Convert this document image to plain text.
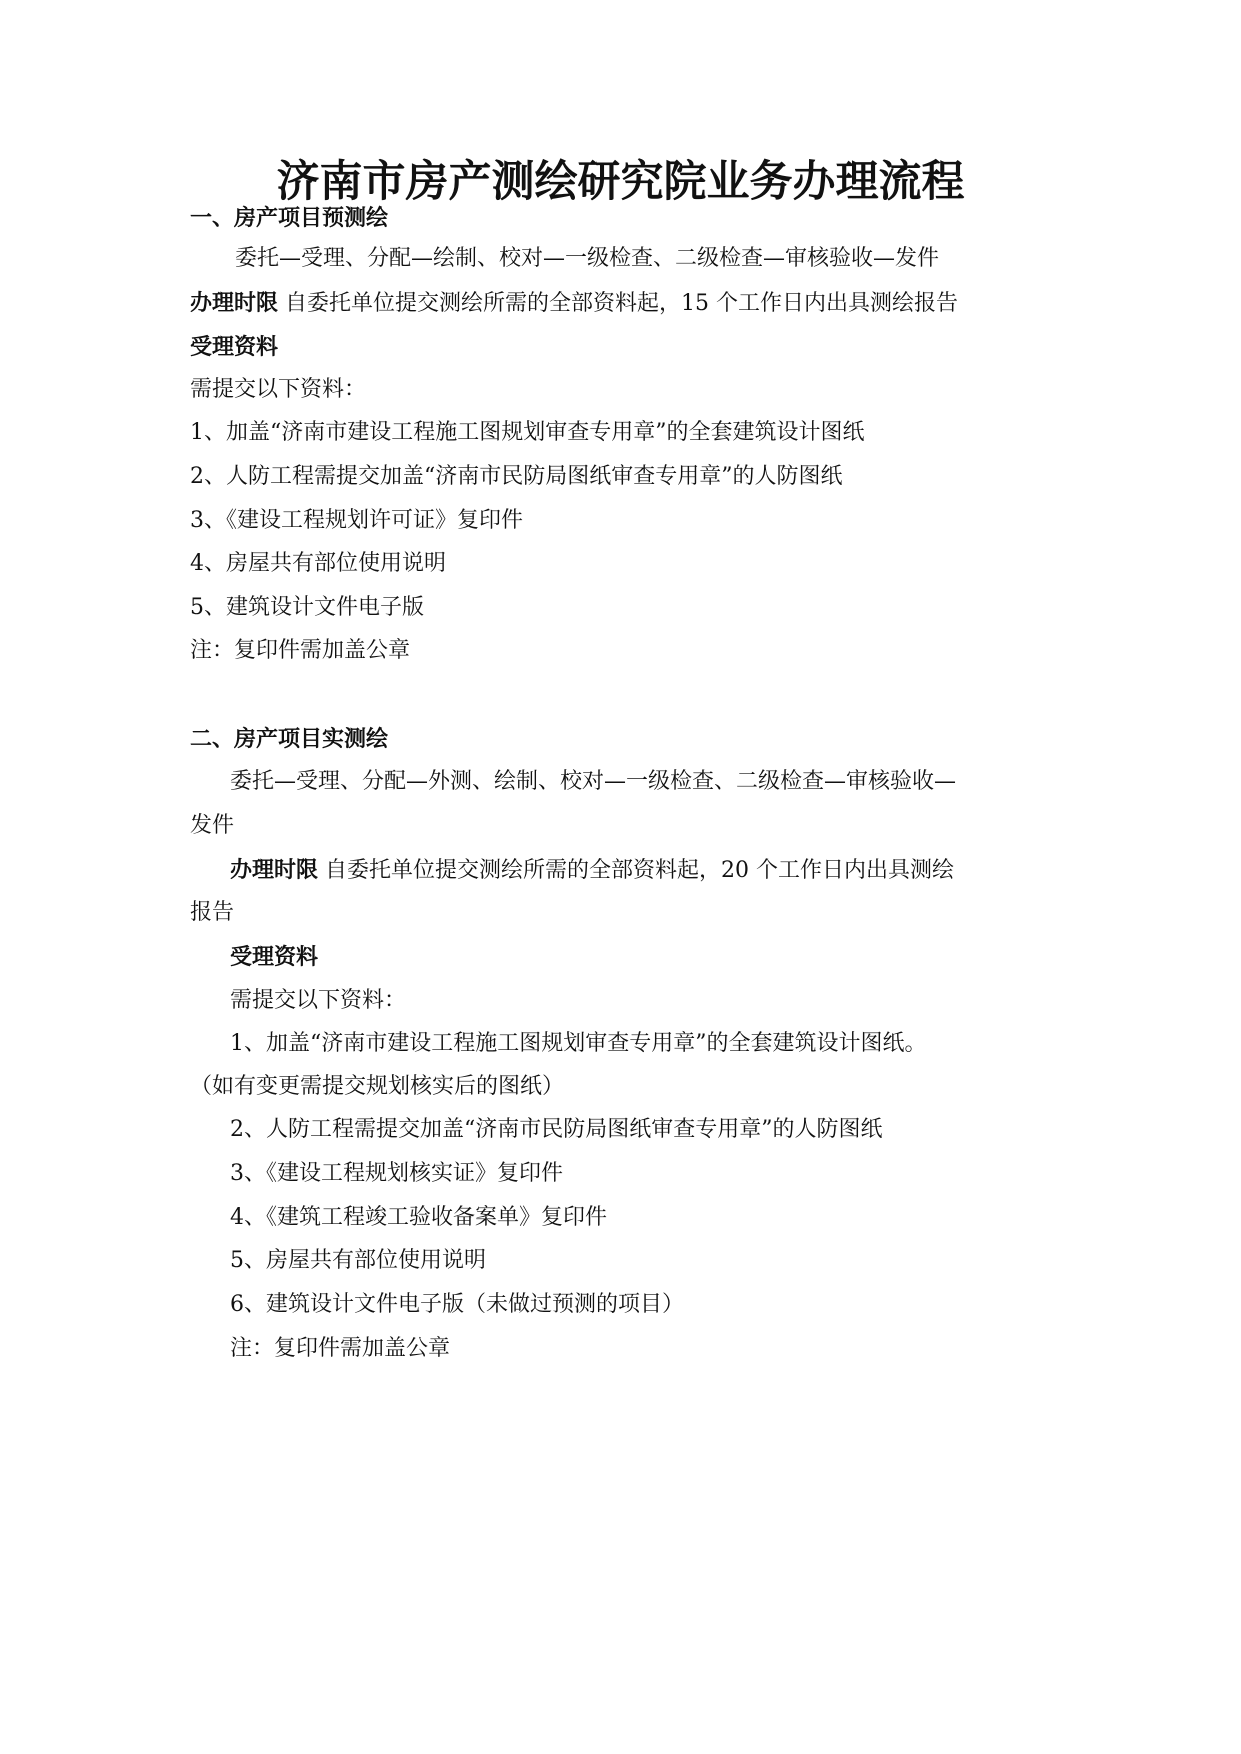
济南市房产测绘研究院业务办理流程
一、房产项目预测绘
委托—受理、分配—绘制、校对—一级检查、二级检查—审核验收—发件
办理时限 自委托单位提交测绘所需的全部资料起，15 个工作日内出具测绘报告
受理资料
需提交以下资料：
1、加盖“济南市建设工程施工图规划审查专用章”的全套建筑设计图纸
2、人防工程需提交加盖“济南市民防局图纸审查专用章”的人防图纸
3、《建设工程规划许可证》复印件
4、房屋共有部位使用说明
5、建筑设计文件电子版
注：复印件需加盖公章
二、房产项目实测绘
委托—受理、分配—外测、绘制、校对—一级检查、二级检查—审核验收—
发件
办理时限 自委托单位提交测绘所需的全部资料起，20 个工作日内出具测绘
报告
受理资料
需提交以下资料：
1、加盖“济南市建设工程施工图规划审查专用章”的全套建筑设计图纸。
（如有变更需提交规划核实后的图纸）
2、人防工程需提交加盖“济南市民防局图纸审查专用章”的人防图纸
3、《建设工程规划核实证》复印件
4、《建筑工程竣工验收备案单》复印件
5、房屋共有部位使用说明
6、建筑设计文件电子版（未做过预测的项目）
注：复印件需加盖公章
